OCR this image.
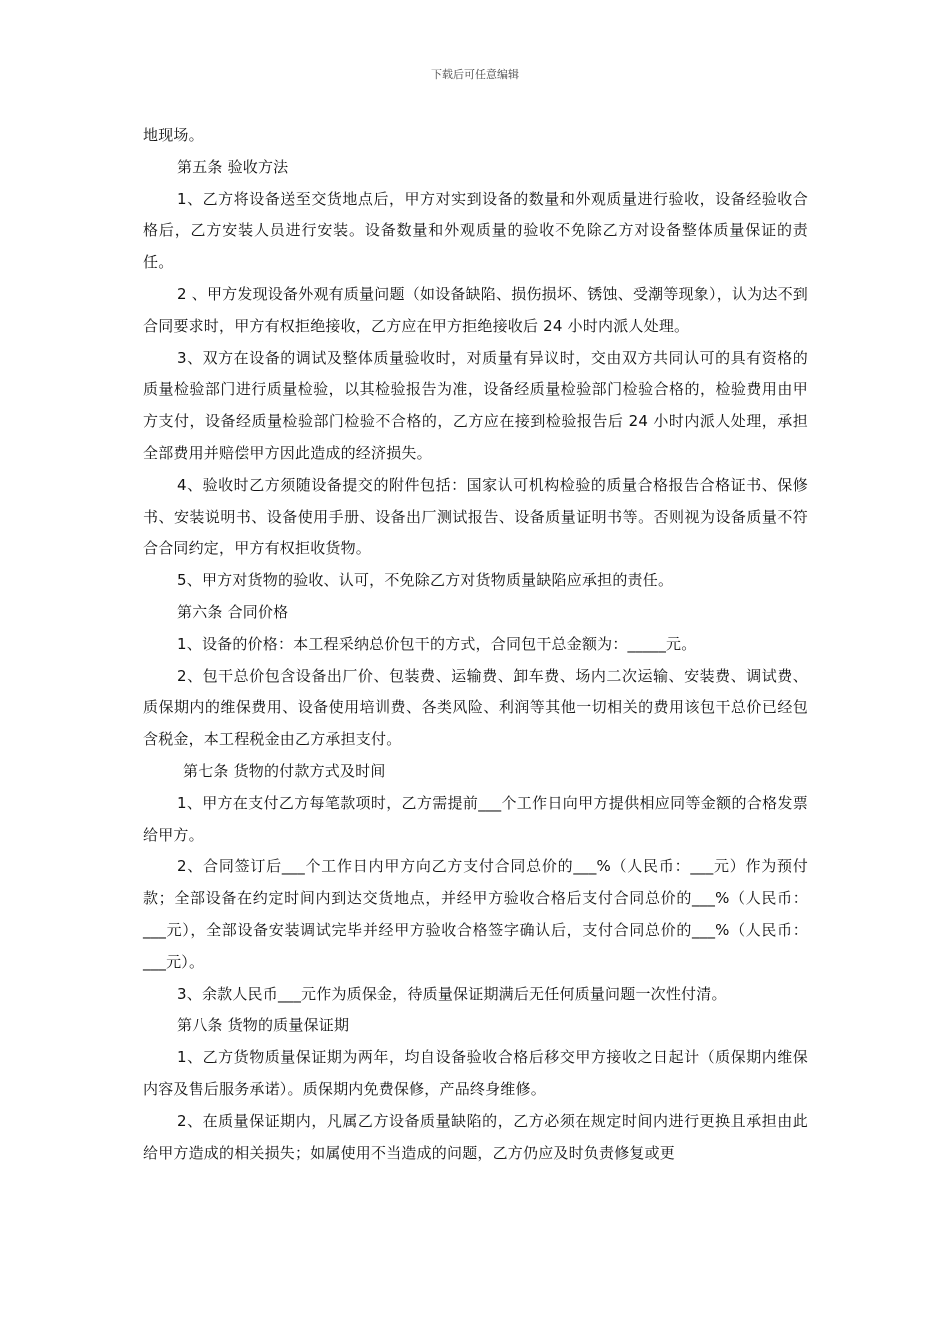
下载后可任意编辑

地现场。

第五条 验收方法

1、乙方将设备送至交货地点后，甲方对实到设备的数量和外观质量进行验收，设备经验收合格后，乙方安装人员进行安装。设备数量和外观质量的验收不免除乙方对设备整体质量保证的责任。

2 、甲方发现设备外观有质量问题（如设备缺陷、损伤损坏、锈蚀、受潮等现象），认为达不到合同要求时，甲方有权拒绝接收，乙方应在甲方拒绝接收后 24 小时内派人处理。

3、双方在设备的调试及整体质量验收时，对质量有异议时，交由双方共同认可的具有资格的质量检验部门进行质量检验，以其检验报告为准，设备经质量检验部门检验合格的，检验费用由甲方支付，设备经质量检验部门检验不合格的，乙方应在接到检验报告后 24 小时内派人处理，承担全部费用并赔偿甲方因此造成的经济损失。

4、验收时乙方须随设备提交的附件包括：国家认可机构检验的质量合格报告合格证书、保修书、安装说明书、设备使用手册、设备出厂测试报告、设备质量证明书等。否则视为设备质量不符合合同约定，甲方有权拒收货物。

5、甲方对货物的验收、认可，不免除乙方对货物质量缺陷应承担的责任。

第六条 合同价格

1、设备的价格：本工程采纳总价包干的方式，合同包干总金额为：_____元。

2、包干总价包含设备出厂价、包装费、运输费、卸车费、场内二次运输、安装费、调试费、质保期内的维保费用、设备使用培训费、各类风险、利润等其他一切相关的费用该包干总价已经包含税金，本工程税金由乙方承担支付。

第七条 货物的付款方式及时间

1、甲方在支付乙方每笔款项时，乙方需提前___个工作日向甲方提供相应同等金额的合格发票给甲方。

2、合同签订后___个工作日内甲方向乙方支付合同总价的___%（人民币：___元）作为预付款；全部设备在约定时间内到达交货地点，并经甲方验收合格后支付合同总价的___%（人民币：___元），全部设备安装调试完毕并经甲方验收合格签字确认后，支付合同总价的___%（人民币：___元）。

3、余款人民币___元作为质保金，待质量保证期满后无任何质量问题一次性付清。

第八条 货物的质量保证期

1、乙方货物质量保证期为两年，均自设备验收合格后移交甲方接收之日起计（质保期内维保内容及售后服务承诺）。质保期内免费保修，产品终身维修。

2、在质量保证期内，凡属乙方设备质量缺陷的，乙方必须在规定时间内进行更换且承担由此给甲方造成的相关损失；如属使用不当造成的问题，乙方仍应及时负责修复或更
